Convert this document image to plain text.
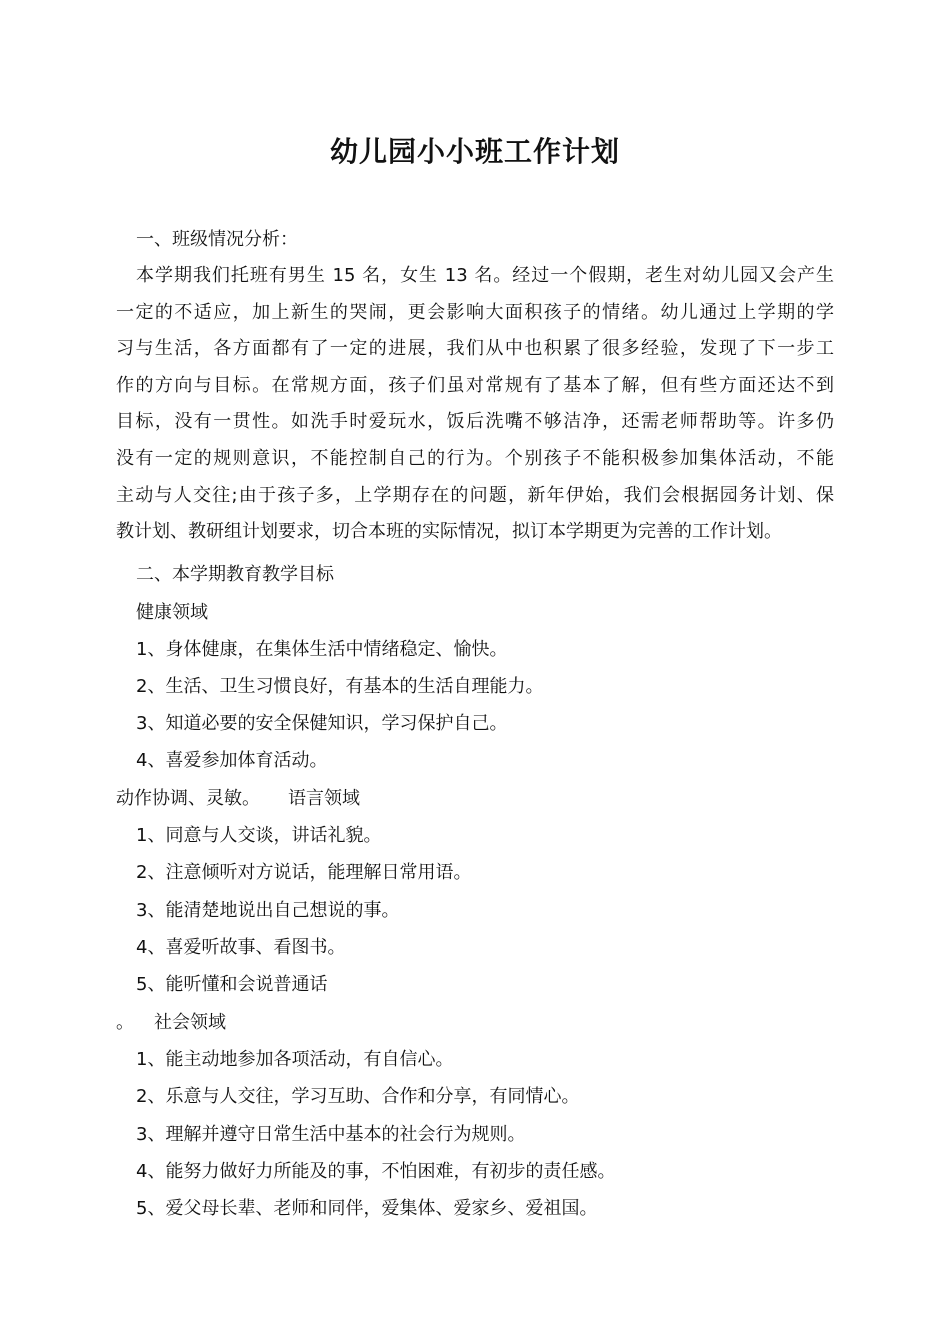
幼儿园小小班工作计划
一、班级情况分析：

本学期我们托班有男生 15 名，女生 13 名。经过一个假期，老生对幼儿园又会产生

一定的不适应，加上新生的哭闹，更会影响大面积孩子的情绪。幼儿通过上学期的学

习与生活，各方面都有了一定的进展，我们从中也积累了很多经验，发现了下一步工

作的方向与目标。在常规方面，孩子们虽对常规有了基本了解，但有些方面还达不到

目标，没有一贯性。如洗手时爱玩水，饭后洗嘴不够洁净，还需老师帮助等。许多仍

没有一定的规则意识，不能控制自己的行为。个别孩子不能积极参加集体活动，不能

主动与人交往;由于孩子多，上学期存在的问题，新年伊始，我们会根据园务计划、保

教计划、教研组计划要求，切合本班的实际情况，拟订本学期更为完善的工作计划。

二、本学期教育教学目标
健康领域
1、身体健康，在集体生活中情绪稳定、愉快。
2、生活、卫生习惯良好，有基本的生活自理能力。
3、知道必要的安全保健知识，学习保护自己。
4、喜爱参加体育活动。
动作协调、灵敏。 语言领域
1、同意与人交谈，讲话礼貌。
2、注意倾听对方说话，能理解日常用语。
3、能清楚地说出自己想说的事。
4、喜爱听故事、看图书。
5、能听懂和会说普通话
。 社会领域
1、能主动地参加各项活动，有自信心。
2、乐意与人交往，学习互助、合作和分享，有同情心。
3、理解并遵守日常生活中基本的社会行为规则。
4、能努力做好力所能及的事，不怕困难，有初步的责任感。
5、爱父母长辈、老师和同伴，爱集体、爱家乡、爱祖国。
